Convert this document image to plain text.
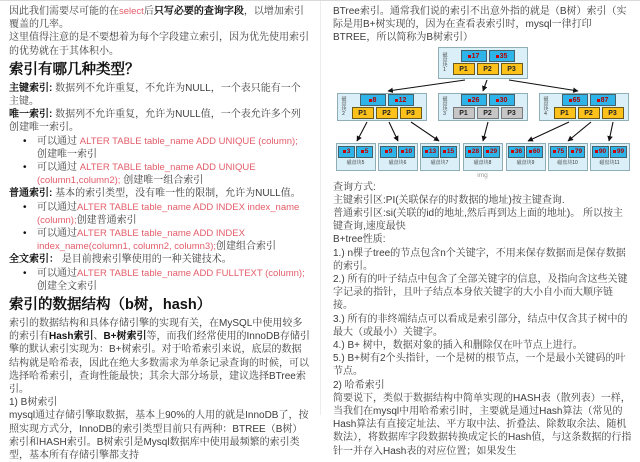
因此我们需要尽可能的在select后只写必要的查询字段，以增加索引覆盖的几率。

这里值得注意的是不要想着为每个字段建立索引，因为优先使用索引的优势就在于其体积小。

索引有哪几种类型？

主键索引: 数据列不允许重复，不允许为NULL，一个表只能有一个主键。

唯一索引: 数据列不允许重复，允许为NULL值，一个表允许多个列创建唯一索引。

• 可以通过 ALTER TABLE table_name ADD UNIQUE (column); 创建唯一索引
• 可以通过 ALTER TABLE table_name ADD UNIQUE (column1,column2); 创建唯一组合索引

普通索引: 基本的索引类型，没有唯一性的限制，允许为NULL值。

• 可以通过ALTER TABLE table_name ADD INDEX index_name (column);创建普通索引
• 可以通过ALTER TABLE table_name ADD INDEX index_name(column1, column2, column3);创建组合索引

全文索引： 是目前搜索引擎使用的一种关键技术。

• 可以通过ALTER TABLE table_name ADD FULLTEXT (column);创建全文索引
索引的数据结构（b树，hash）

索引的数据结构和具体存储引擎的实现有关，在MySQL中使用较多的索引有Hash索引、B+树索引等，而我们经常使用的InnoDB存储引擎的默认索引实现为：B+树索引。对于哈希索引来说，底层的数据结构就是哈希表，因此在绝大多数需求为单条记录查询的时候，可以选择哈希索引，查询性能最快；其余大部分场景，建议选择BTree索引。

1) B树索引

mysql通过存储引擎取数据，基本上90%的人用的就是InnoDB了，按照实现方式分，InnoDB的索引类型目前只有两种：BTREE（B树）索引和HASH索引。B树索引是Mysql数据库中使用最频繁的索引类型，基本所有存储引擎都支持

BTree索引。通常我们说的索引不出意外指的就是（B树）索引（实际是用B+树实现的，因为在查看表索引时，mysql一律打印BTREE，所以简称为B树索引）

磁盘块1	17	35
P1	P2	P3
磁盘块2	8	12
P1	P2	P3	磁盘块3	26	30
P1	P2	P3	磁盘块4	65	87
P1	P2	P3
3 5
磁盘块5
9 10
磁盘块6
13 15
磁盘块7
28 29
磁盘块8
36 60
磁盘块9
75 79
磁盘块10
90 99
磁盘块11
img

查询方式:

主键索引区:PI(关联保存的时数据的地址)按主键查询.

普通索引区:si(关联的id的地址,然后再到达上面的地址)。 所以按主键查询,速度最快

B+tree性质:

1.) n棵子tree的节点包含n个关键字，不用来保存数据而是保存数据的索引。

2.) 所有的叶子结点中包含了全部关键字的信息，及指向含这些关键字记录的指针，且叶子结点本身依关键字的大小自小而大顺序链接。

3.) 所有的非终端结点可以看成是索引部分，结点中仅含其子树中的最大（或最小）关键字。

4.) B+ 树中，数据对象的插入和删除仅在叶节点上进行。

5.) B+树有2个头指针，一个是树的根节点，一个是最小关键码的叶节点。

2) 哈希索引

简要说下，类似于数据结构中简单实现的HASH表（散列表）一样，当我们在mysql中用哈希索引时，主要就是通过Hash算法（常见的Hash算法有直接定址法、平方取中法、折叠法、除数取余法、随机数法），将数据库字段数据转换成定长的Hash值，与这条数据的行指针一并存入Hash表的对应位置；如果发生
